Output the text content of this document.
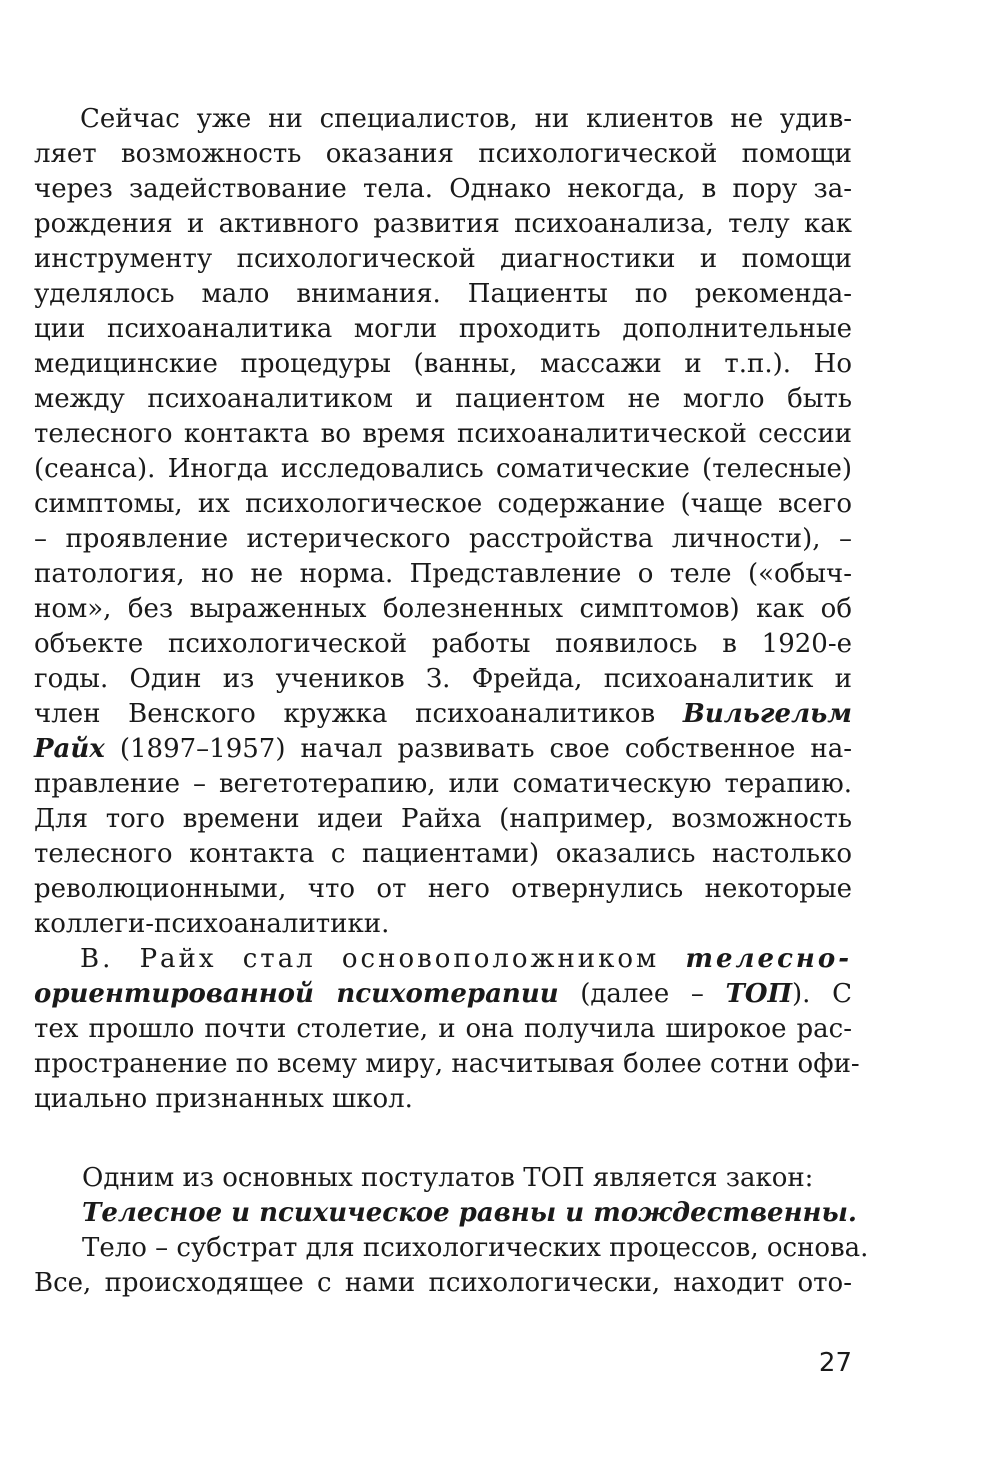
Сейчас уже ни специалистов, ни клиентов не удив-
ляет возможность оказания психологической помощи
через задействование тела. Однако некогда, в пору за-
рождения и активного развития психоанализа, телу как
инструменту психологической диагностики и помощи
уделялось мало внимания. Пациенты по рекоменда-
ции психоаналитика могли проходить дополнительные
медицинские процедуры (ванны, массажи и т.п.). Но
между психоаналитиком и пациентом не могло быть
телесного контакта во время психоаналитической сессии
(сеанса). Иногда исследовались соматические (телесные)
симптомы, их психологическое содержание (чаще всего
– проявление истерического расстройства личности), –
патология, но не норма. Представление о теле («обыч-
ном», без выраженных болезненных симптомов) как об
объекте психологической работы появилось в 1920-е
годы. Один из учеников З. Фрейда, психоаналитик и
член Венского кружка психоаналитиков Вильгельм
Райх (1897–1957) начал развивать свое собственное на-
правление – вегетотерапию, или соматическую терапию.
Для того времени идеи Райха (например, возможность
телесного контакта с пациентами) оказались настолько
революционными, что от него отвернулись некоторые
коллеги-психоаналитики.
В. Райх стал основоположником телесно-
ориентированной психотерапии (далее – ТОП). С
тех прошло почти столетие, и она получила широкое рас-
пространение по всему миру, насчитывая более сотни офи-
циально признанных школ.
Одним из основных постулатов ТОП является закон:
Телесное и психическое равны и тождественны.
Тело – субстрат для психологических процессов, основа.
Все, происходящее с нами психологически, находит ото-
27
